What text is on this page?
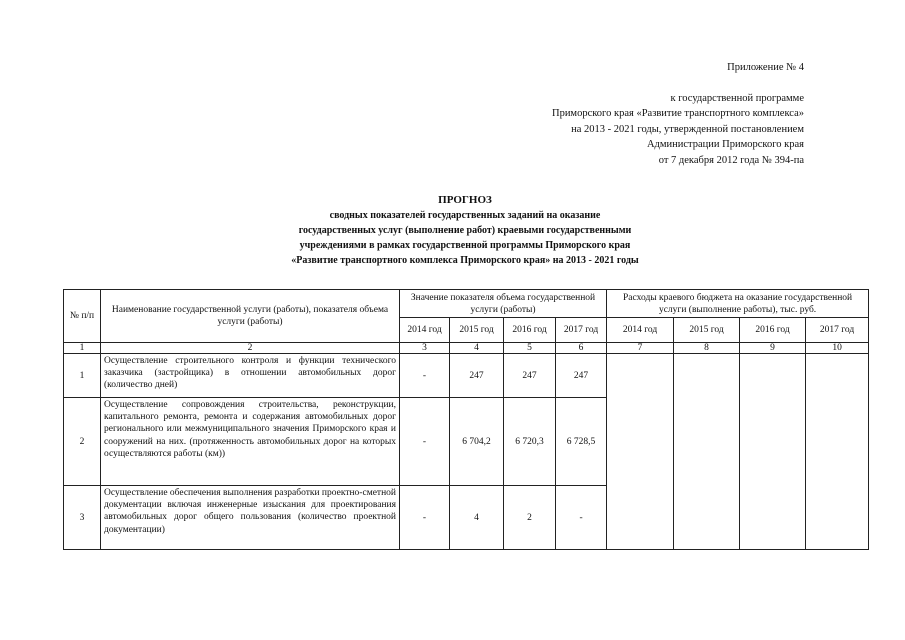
Приложение № 4
к государственной программе
Приморского края «Развитие транспортного комплекса»
на 2013 - 2021 годы, утвержденной постановлением
Администрации Приморского края
от 7 декабря 2012 года № 394-па
ПРОГНОЗ
сводных показателей государственных заданий на оказание
государственных услуг (выполнение работ) краевыми государственными
учреждениями в рамках государственной программы Приморского края
«Развитие транспортного комплекса Приморского края» на 2013 - 2021 годы
№ п/п	Наименование государственной услуги (работы), показателя объема услуги (работы)	Значение показателя объема государственной услуги (работы)				Расходы краевого бюджета на оказание государственной услуги (выполнение работы), тыс. руб.			
		2014 год	2015 год	2016 год	2017 год	2014 год	2015 год	2016 год	2017 год
1	2	3	4	5	6	7	8	9	10
1	Осуществление строительного контроля и функции технического заказчика (застройщика) в отношении автомобильных дорог (количество дней)	-	247	247	247				
2	Осуществление сопровождения строительства, реконструкции, капитального ремонта, ремонта и содержания автомобильных дорог регионального или межмуниципального значения Приморского края и сооружений на них. (протяженность автомобильных дорог на которых осуществляются работы (км))	-	6 704,2	6 720,3	6 728,5				
3	Осуществление обеспечения выполнения разработки проектно-сметной документации включая инженерные изыскания для проектирования автомобильных дорог общего пользования (количество проектной документации)	-	4	2	-				
